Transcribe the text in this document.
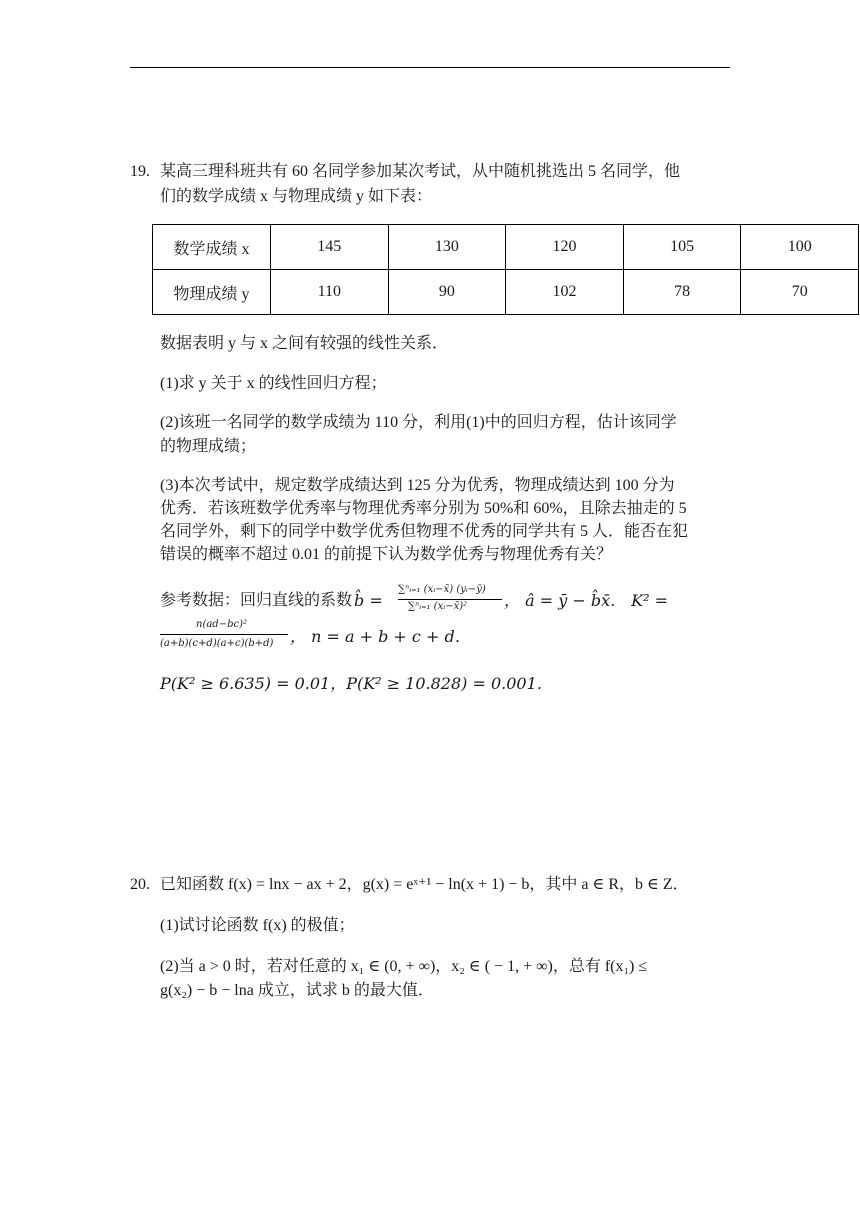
19. 某高三理科班共有 60 名同学参加某次考试，从中随机挑选出 5 名同学，他
们的数学成绩 x 与物理成绩 y 如下表：
数学成绩 x	145	130	120	105	100
物理成绩 y	110	90	102	78	70
数据表明 y 与 x 之间有较强的线性关系．
(1)求 y 关于 x 的线性回归方程；
(2)该班一名同学的数学成绩为 110 分，利用(1)中的回归方程，估计该同学
的物理成绩；
(3)本次考试中，规定数学成绩达到 125 分为优秀，物理成绩达到 100 分为
优秀．若该班数学优秀率与物理优秀率分别为 50%和 60%，且除去抽走的 5
名同学外，剩下的同学中数学优秀但物理不优秀的同学共有 5 人．能否在犯
错误的概率不超过 0.01 的前提下认为数学优秀与物理优秀有关？
参考数据：回归直线的系数 b̂ =
∑ⁿᵢ₌₁ (xᵢ−x̄) (yᵢ−ȳ)
∑ⁿᵢ₌₁ (xᵢ−x̄)² ， â = ȳ − b̂x̄． K² =
n(ad−bc)²
(a+b)(c+d)(a+c)(b+d) ， n = a + b + c + d．
P(K² ≥ 6.635) = 0.01，P(K² ≥ 10.828) = 0.001．
20. 已知函数 f(x) = lnx − ax + 2，g(x) = eˣ⁺¹ − ln(x + 1) − b，其中 a ∈ R，b ∈ Z．
(1)试讨论函数 f(x) 的极值；
(2)当 a > 0 时，若对任意的 x₁ ∈ (0, + ∞)，x₂ ∈ ( − 1, + ∞)，总有 f(x₁) ≤
g(x₂) − b − lna 成立，试求 b 的最大值．
